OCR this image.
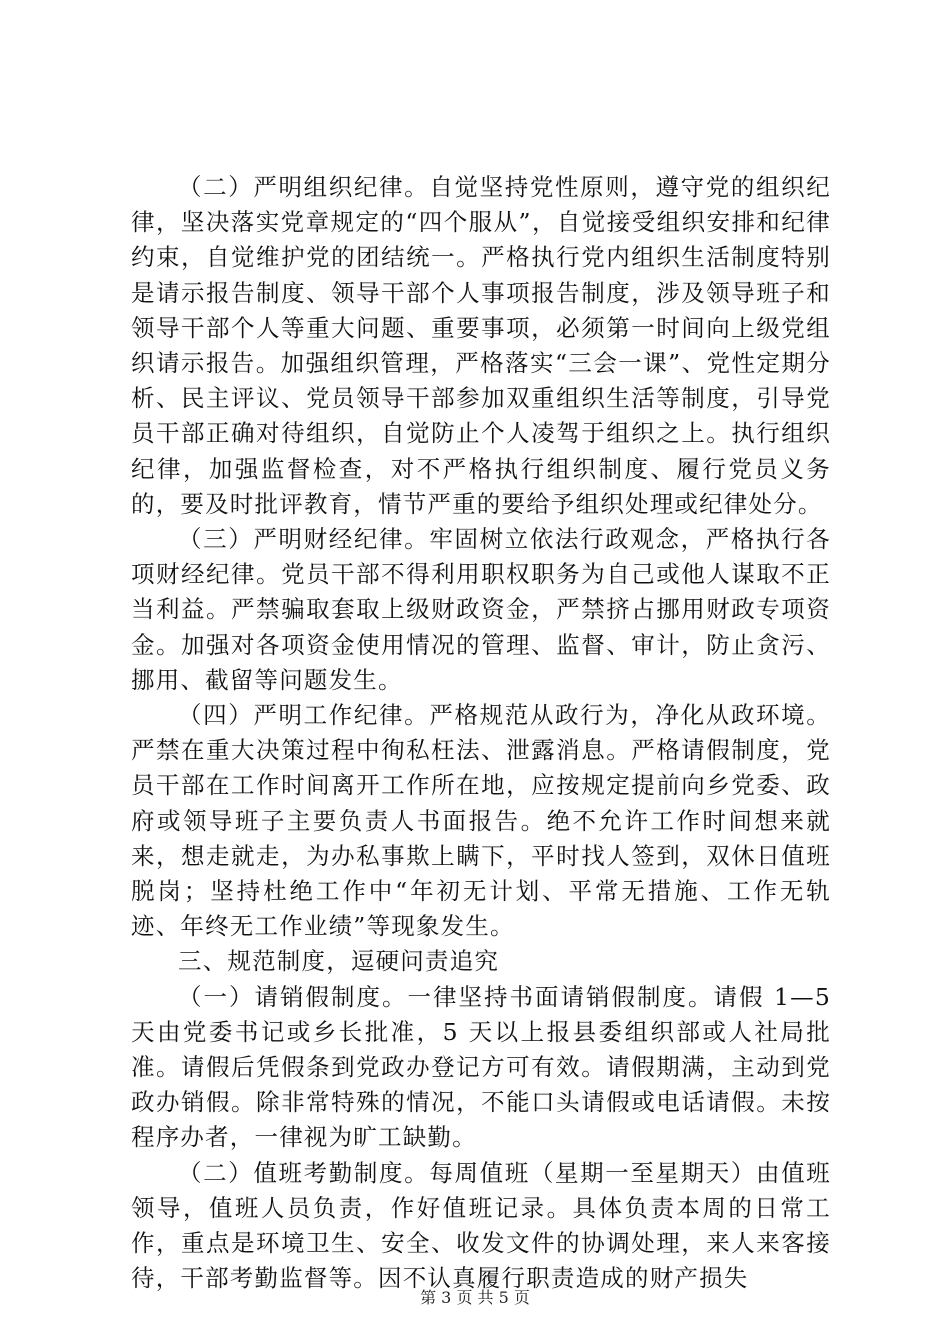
（二）严明组织纪律。自觉坚持党性原则，遵守党的组织纪律，坚决落实党章规定的“四个服从”，自觉接受组织安排和纪律约束，自觉维护党的团结统一。严格执行党内组织生活制度特别是请示报告制度、领导干部个人事项报告制度，涉及领导班子和领导干部个人等重大问题、重要事项，必须第一时间向上级党组织请示报告。加强组织管理，严格落实“三会一课”、党性定期分析、民主评议、党员领导干部参加双重组织生活等制度，引导党员干部正确对待组织，自觉防止个人凌驾于组织之上。执行组织纪律，加强监督检查，对不严格执行组织制度、履行党员义务的，要及时批评教育，情节严重的要给予组织处理或纪律处分。

（三）严明财经纪律。牢固树立依法行政观念，严格执行各项财经纪律。党员干部不得利用职权职务为自己或他人谋取不正当利益。严禁骗取套取上级财政资金，严禁挤占挪用财政专项资金。加强对各项资金使用情况的管理、监督、审计，防止贪污、挪用、截留等问题发生。

（四）严明工作纪律。严格规范从政行为，净化从政环境。严禁在重大决策过程中徇私枉法、泄露消息。严格请假制度，党员干部在工作时间离开工作所在地，应按规定提前向乡党委、政府或领导班子主要负责人书面报告。绝不允许工作时间想来就来，想走就走，为办私事欺上瞒下，平时找人签到，双休日值班脱岗；坚持杜绝工作中“年初无计划、平常无措施、工作无轨迹、年终无工作业绩”等现象发生。

三、规范制度，逗硬问责追究

（一）请销假制度。一律坚持书面请销假制度。请假 1—5 天由党委书记或乡长批准，5 天以上报县委组织部或人社局批准。请假后凭假条到党政办登记方可有效。请假期满，主动到党政办销假。除非常特殊的情况，不能口头请假或电话请假。未按程序办者，一律视为旷工缺勤。

（二）值班考勤制度。每周值班（星期一至星期天）由值班领导，值班人员负责，作好值班记录。具体负责本周的日常工作，重点是环境卫生、安全、收发文件的协调处理，来人来客接待，干部考勤监督等。因不认真履行职责造成的财产损失

第 3 页 共 5 页
